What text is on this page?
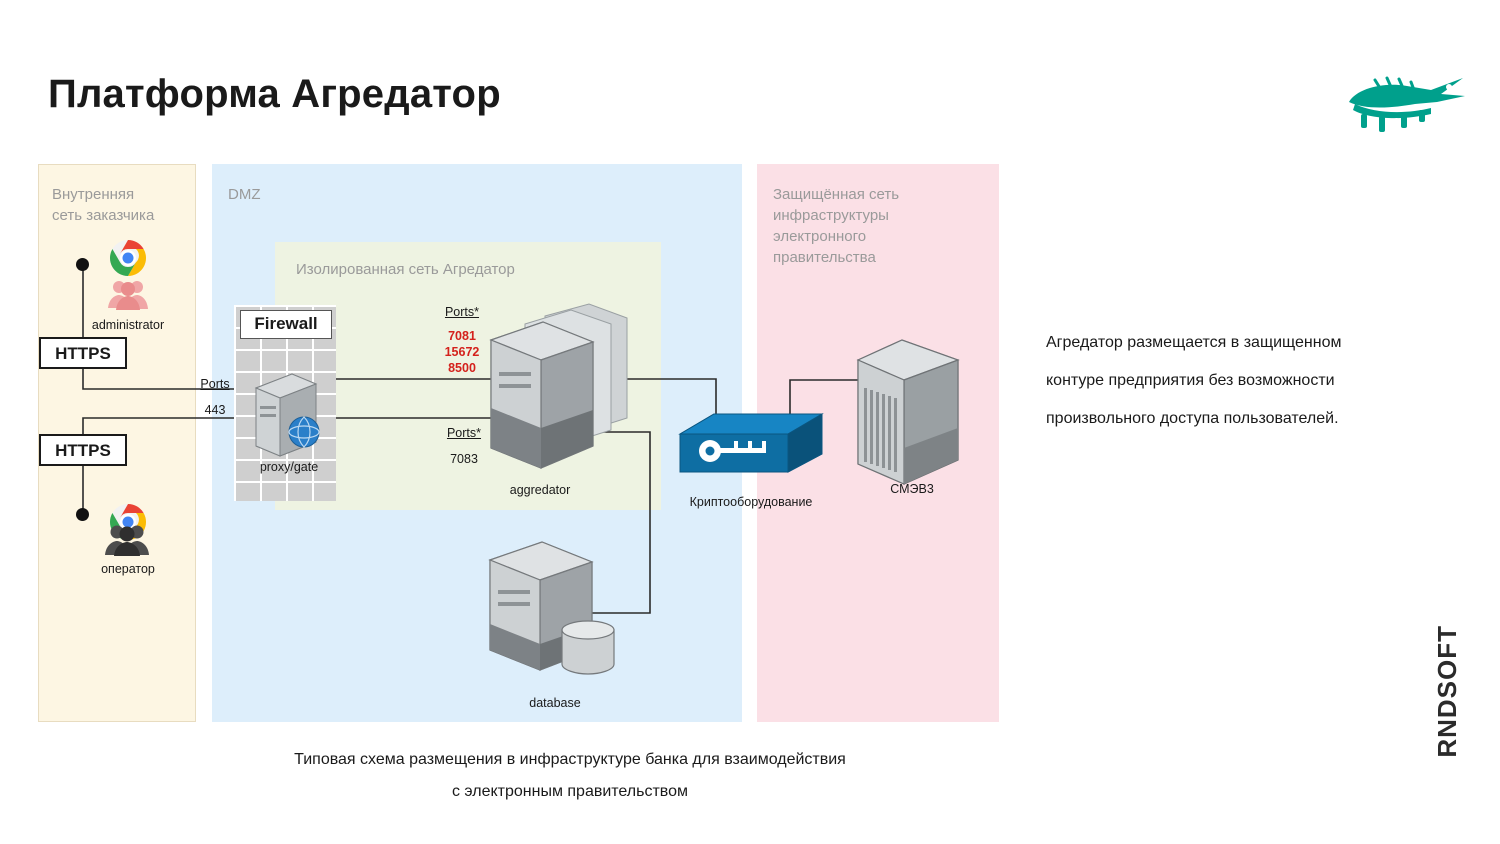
Платформа Агредатор
RNDSOFT
Внутренняя
сеть заказчика
DMZ	Защищённая сеть
инфраструктуры
электронного
правительства
Изолированная сеть Агредатор
HTTPS
HTTPS
administrator
оператор
Firewall
proxy/gate
Ports
443
aggredator
Ports*
7081
15672
8500
Ports*
7083
database
Криптооборудование
СМЭВ3
Агредатор размещается в защищенном
контуре предприятия без возможности
произвольного доступа пользователей.
Типовая схема размещения в инфраструктуре банка для взаимодействия
с электронным правительством
